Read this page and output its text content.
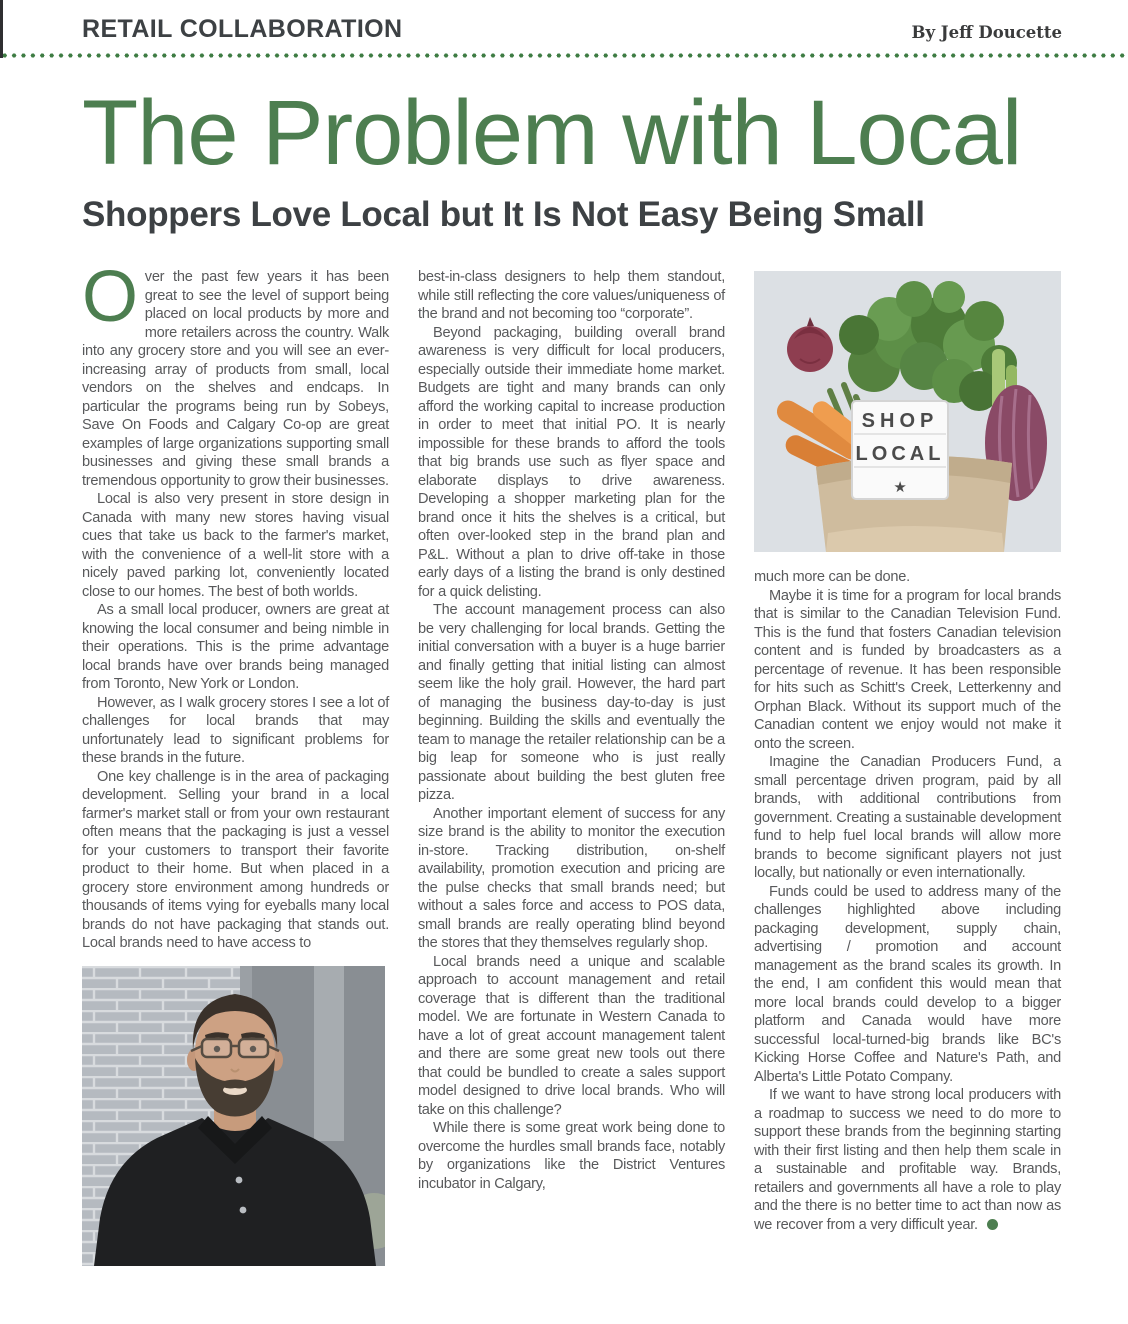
RETAIL COLLABORATION	By Jeff Doucette
The Problem with Local
Shoppers Love Local but It Is Not Easy Being Small

Over the past few years it has been great to see the level of support being placed on local products by more and more retailers across the country. Walk into any grocery store and you will see an ever-increasing array of products from small, local vendors on the shelves and endcaps. In particular the programs being run by Sobeys, Save On Foods and Calgary Co-op are great examples of large organizations supporting small businesses and giving these small brands a tremendous opportunity to grow their businesses.

Local is also very present in store design in Canada with many new stores having visual cues that take us back to the farmer's market, with the convenience of a well-lit store with a nicely paved parking lot, conveniently located close to our homes. The best of both worlds.

As a small local producer, owners are great at knowing the local consumer and being nimble in their operations. This is the prime advantage local brands have over brands being managed from Toronto, New York or London.

However, as I walk grocery stores I see a lot of challenges for local brands that may unfortunately lead to significant problems for these brands in the future.

One key challenge is in the area of packaging development. Selling your brand in a local farmer's market stall or from your own restaurant often means that the packaging is just a vessel for your customers to transport their favorite product to their home. But when placed in a grocery store environment among hundreds or thousands of items vying for eyeballs many local brands do not have packaging that stands out. Local brands need to have access to

best-in-class designers to help them standout, while still reflecting the core values/uniqueness of the brand and not becoming too “corporate”.

Beyond packaging, building overall brand awareness is very difficult for local producers, especially outside their immediate home market. Budgets are tight and many brands can only afford the working capital to increase production in order to meet that initial PO. It is nearly impossible for these brands to afford the tools that big brands use such as flyer space and elaborate displays to drive awareness. Developing a shopper marketing plan for the brand once it hits the shelves is a critical, but often over-looked step in the brand plan and P&L. Without a plan to drive off-take in those early days of a listing the brand is only destined for a quick delisting.

The account management process can also be very challenging for local brands. Getting the initial conversation with a buyer is a huge barrier and finally getting that initial listing can almost seem like the holy grail. However, the hard part of managing the business day-to-day is just beginning. Building the skills and eventually the team to manage the retailer relationship can be a big leap for someone who is just really passionate about building the best gluten free pizza.

Another important element of success for any size brand is the ability to monitor the execution in-store. Tracking distribution, on-shelf availability, promotion execution and pricing are the pulse checks that small brands need; but without a sales force and access to POS data, small brands are really operating blind beyond the stores that they themselves regularly shop.

Local brands need a unique and scalable approach to account management and retail coverage that is different than the traditional model. We are fortunate in Western Canada to have a lot of great account management talent and there are some great new tools out there that could be bundled to create a sales support model designed to drive local brands. Who will take on this challenge?

While there is some great work being done to overcome the hurdles small brands face, notably by organizations like the District Ventures incubator in Calgary,

SHOP
LOCAL
★

much more can be done.

Maybe it is time for a program for local brands that is similar to the Canadian Television Fund. This is the fund that fosters Canadian television content and is funded by broadcasters as a percentage of revenue. It has been responsible for hits such as Schitt's Creek, Letterkenny and Orphan Black. Without its support much of the Canadian content we enjoy would not make it onto the screen.

Imagine the Canadian Producers Fund, a small percentage driven program, paid by all brands, with additional contributions from government. Creating a sustainable development fund to help fuel local brands will allow more brands to become significant players not just locally, but nationally or even internationally.

Funds could be used to address many of the challenges highlighted above including packaging development, supply chain, advertising / promotion and account management as the brand scales its growth. In the end, I am confident this would mean that more local brands could develop to a bigger platform and Canada would have more successful local-turned-big brands like BC's Kicking Horse Coffee and Nature's Path, and Alberta's Little Potato Company.

If we want to have strong local producers with a roadmap to success we need to do more to support these brands from the beginning starting with their first listing and then help them scale in a sustainable and profitable way. Brands, retailers and governments all have a role to play and the there is no better time to act than now as we recover from a very difficult year.
